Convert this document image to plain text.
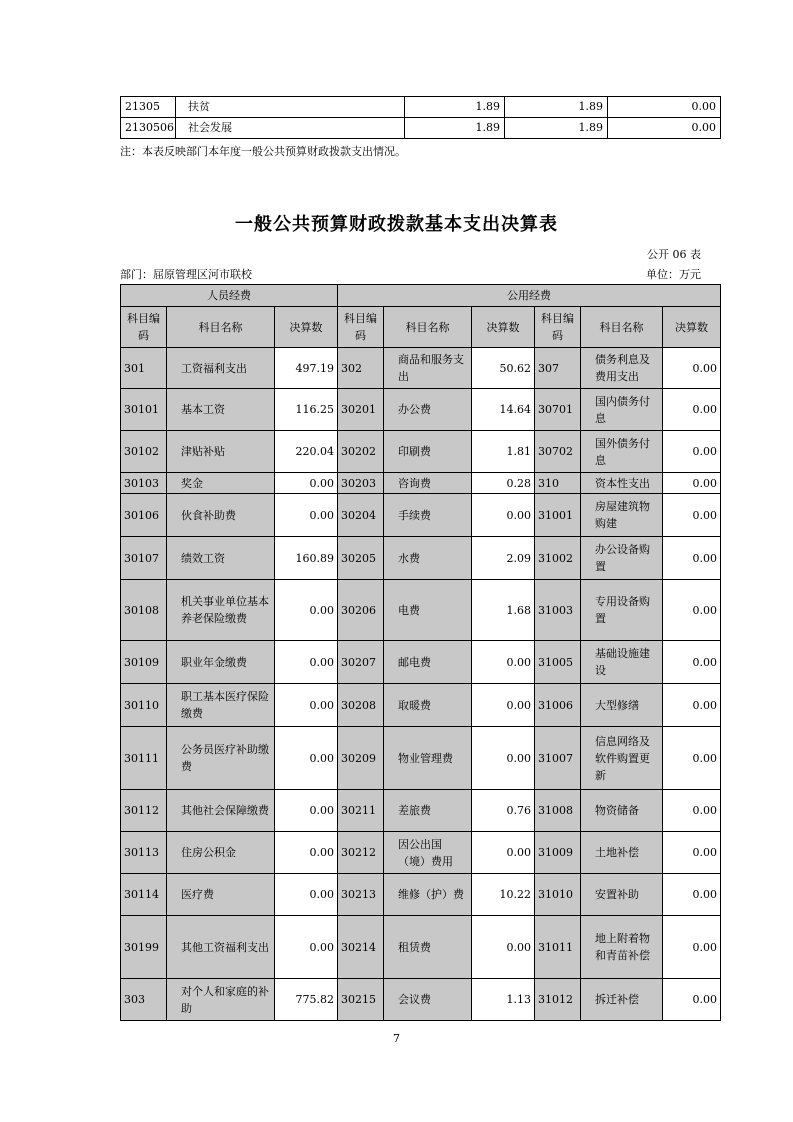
21305	扶贫	1.89	1.89	0.00
2130506	社会发展	1.89	1.89	0.00
注：本表反映部门本年度一般公共预算财政拨款支出情况。
一般公共预算财政拨款基本支出决算表
公开 06 表
部门：屈原管理区河市联校	单位：万元
人员经费			公用经费					
科目编码	科目名称	决算数	科目编码	科目名称	决算数	科目编码	科目名称	决算数
301	工资福利支出	497.19	302	商品和服务支出	50.62	307	债务利息及费用支出	0.00
30101	基本工资	116.25	30201	办公费	14.64	30701	国内债务付息	0.00
30102	津贴补贴	220.04	30202	印刷费	1.81	30702	国外债务付息	0.00
30103	奖金	0.00	30203	咨询费	0.28	310	资本性支出	0.00
30106	伙食补助费	0.00	30204	手续费	0.00	31001	房屋建筑物购建	0.00
30107	绩效工资	160.89	30205	水费	2.09	31002	办公设备购置	0.00
30108	机关事业单位基本养老保险缴费	0.00	30206	电费	1.68	31003	专用设备购置	0.00
30109	职业年金缴费	0.00	30207	邮电费	0.00	31005	基础设施建设	0.00
30110	职工基本医疗保险缴费	0.00	30208	取暖费	0.00	31006	大型修缮	0.00
30111	公务员医疗补助缴费	0.00	30209	物业管理费	0.00	31007	信息网络及软件购置更新	0.00
30112	其他社会保障缴费	0.00	30211	差旅费	0.76	31008	物资储备	0.00
30113	住房公积金	0.00	30212	因公出国（境）费用	0.00	31009	土地补偿	0.00
30114	医疗费	0.00	30213	维修（护）费	10.22	31010	安置补助	0.00
30199	其他工资福利支出	0.00	30214	租赁费	0.00	31011	地上附着物和青苗补偿	0.00
303	对个人和家庭的补助	775.82	30215	会议费	1.13	31012	拆迁补偿	0.00
7
